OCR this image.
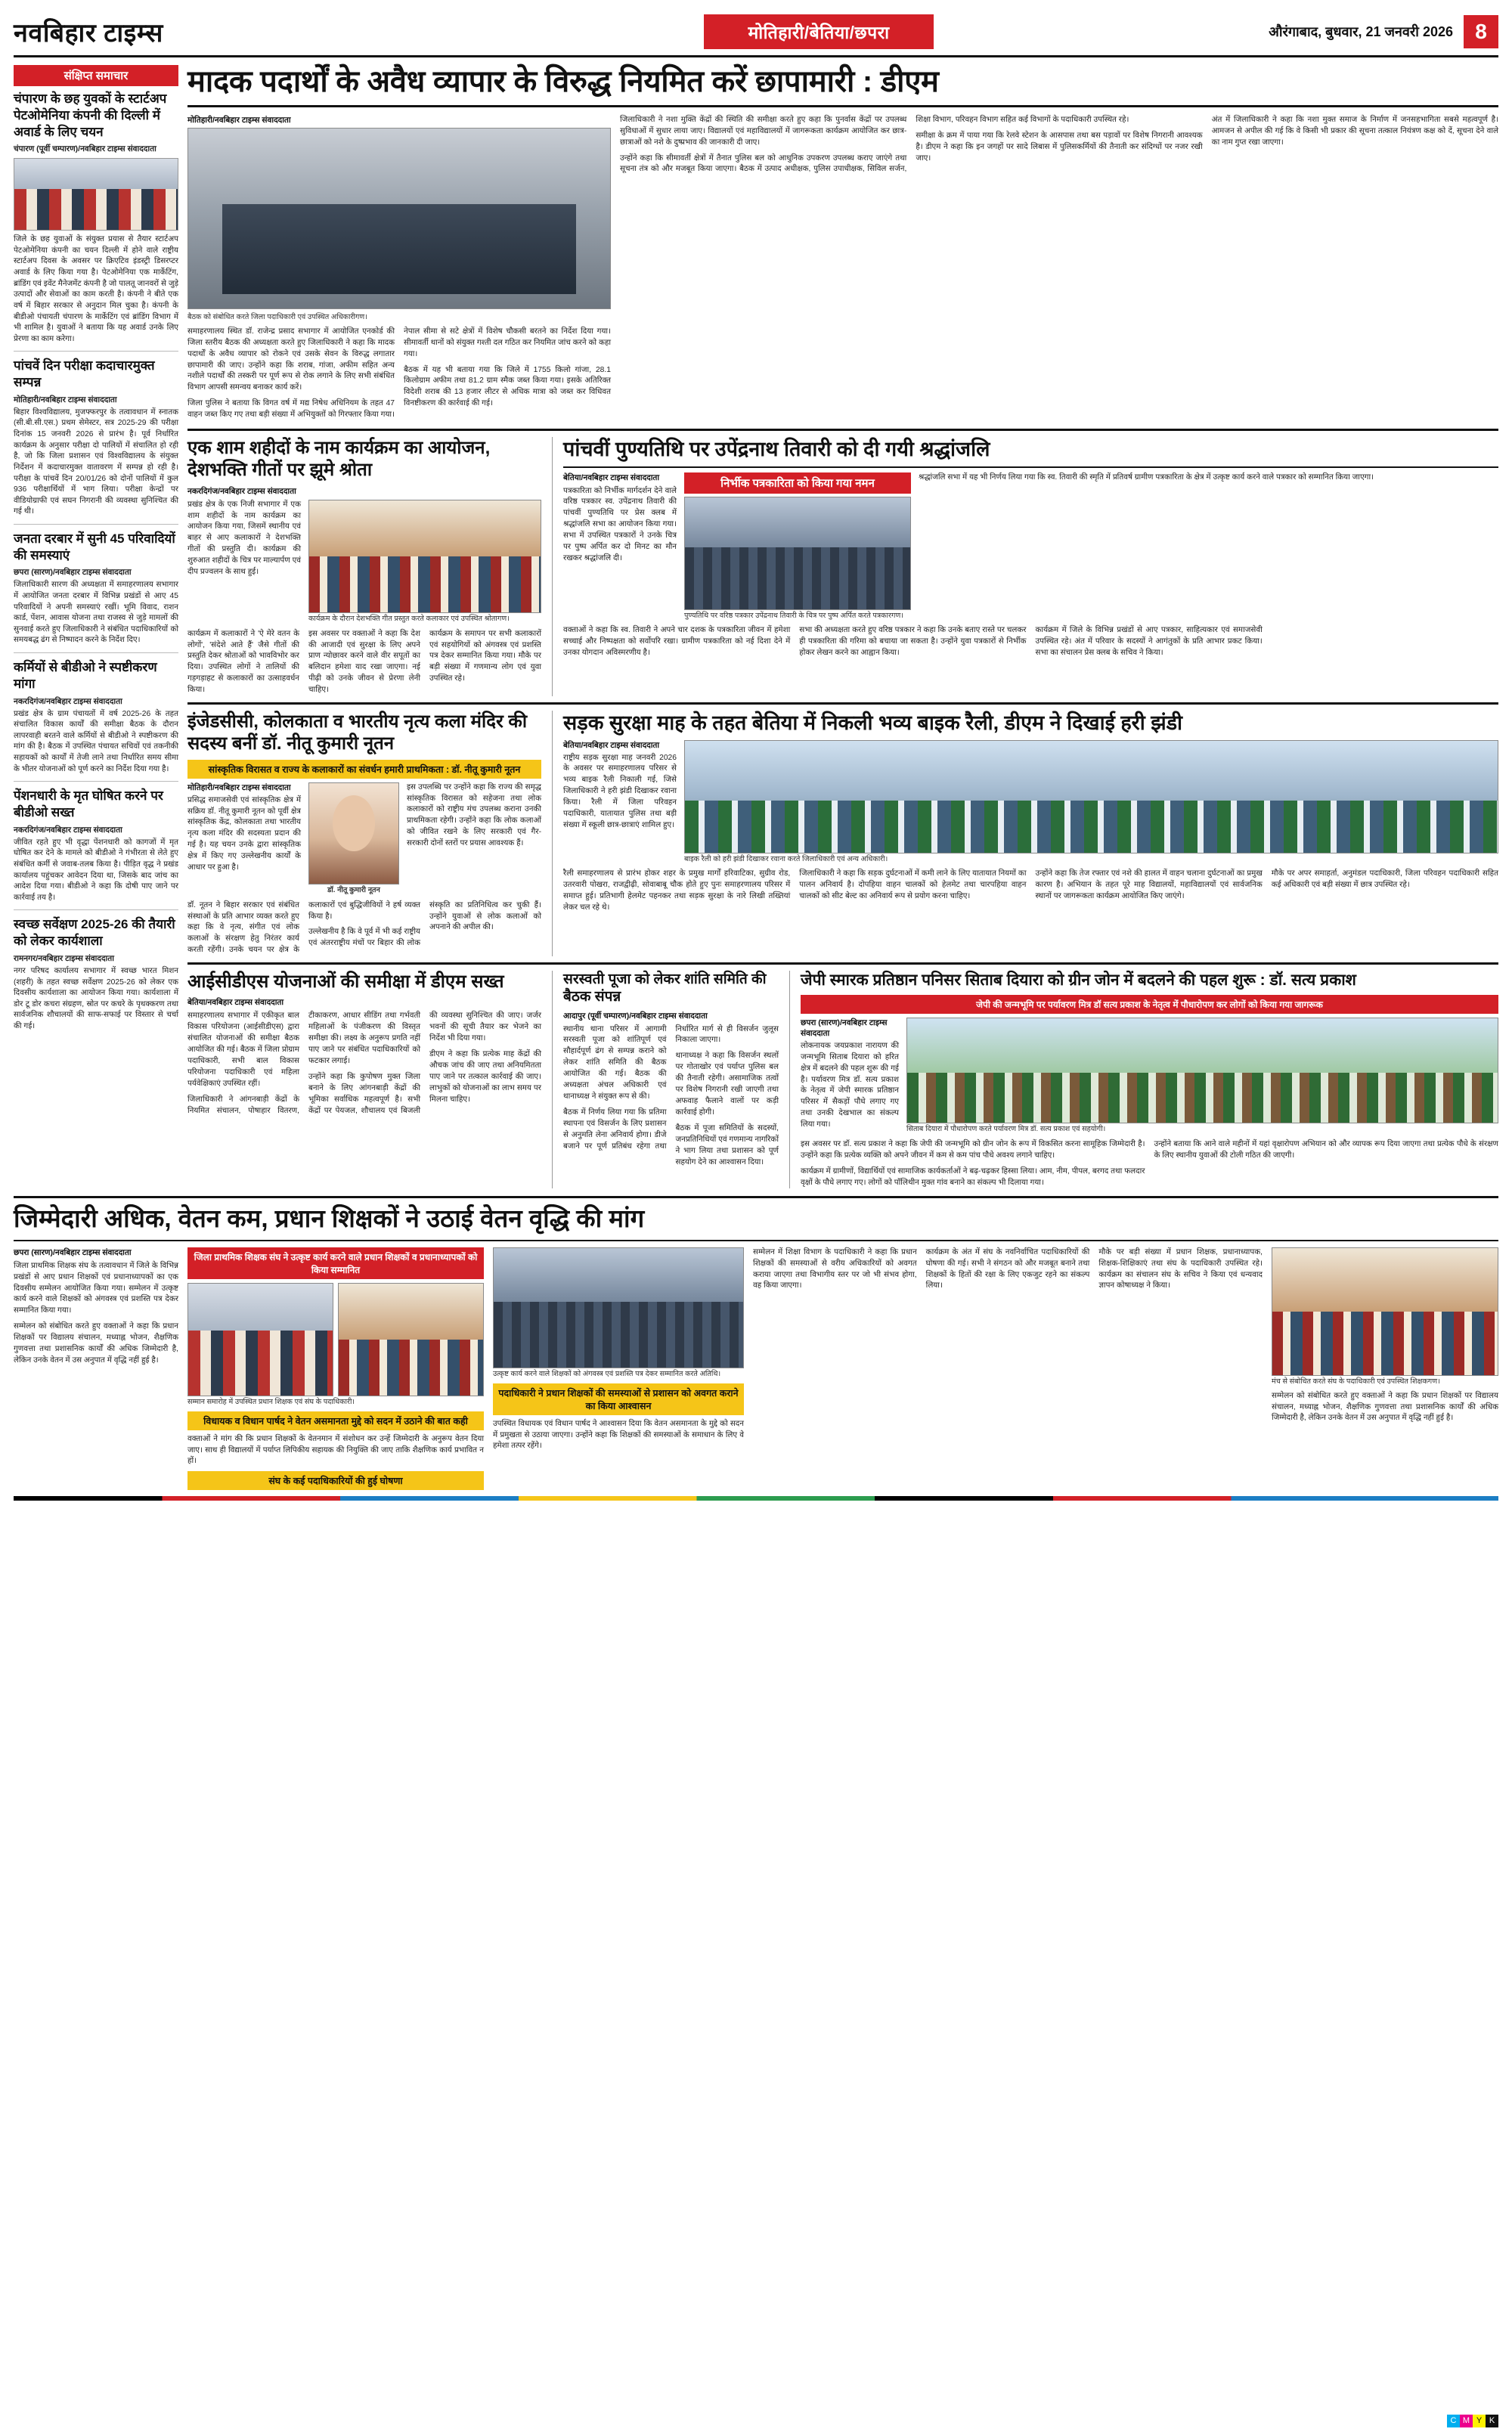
नवबिहार टाइम्स	मोतिहारी/बेतिया/छपरा	औरंगाबाद, बुधवार, 21 जनवरी 2026	8
संक्षिप्त समाचार
चंपारण के छह युवकों के स्टार्टअप पेटओमेनिया कंपनी की दिल्ली में अवार्ड के लिए चयन
चंपारण (पूर्वी चम्पारण)/नवबिहार टाइम्स संवाददाता
जिले के छह युवाओं के संयुक्त प्रयास से तैयार स्टार्टअप पेटओमेनिया कंपनी का चयन दिल्ली में होने वाले राष्ट्रीय स्टार्टअप दिवस के अवसर पर क्रिएटिव इंडस्ट्री डिसरप्टर अवार्ड के लिए किया गया है। पेटओमेनिया एक मार्केटिंग, ब्रांडिंग एवं इवेंट मैनेजमेंट कंपनी है जो पालतू जानवरों से जुड़े उत्पादों और सेवाओं का काम करती है। कंपनी ने बीते एक वर्ष में बिहार सरकार से अनुदान मिल चुका है। कंपनी के बीडीओ पंचायती चंपारण के मार्केटिंग एवं ब्रांडिंग विभाग में भी शामिल है। युवाओं ने बताया कि यह अवार्ड उनके लिए प्रेरणा का काम करेगा।
पांचवें दिन परीक्षा कदाचारमुक्त सम्पन्न
मोतिहारी/नवबिहार टाइम्स संवाददाता
बिहार विश्वविद्यालय, मुजफ्फरपुर के तत्वावधान में स्नातक (सी.बी.सी.एस.) प्रथम सेमेस्टर, सत्र 2025-29 की परीक्षा दिनांक 15 जनवरी 2026 से प्रारंभ है। पूर्व निर्धारित कार्यक्रम के अनुसार परीक्षा दो पालियों में संचालित हो रही है, जो कि जिला प्रशासन एवं विश्वविद्यालय के संयुक्त निर्देशन में कदाचारमुक्त वातावरण में सम्पन्न हो रही है। परीक्षा के पांचवें दिन 20/01/26 को दोनों पालियों में कुल 936 परीक्षार्थियों में भाग लिया। परीक्षा केन्द्रों पर वीडियोग्राफी एवं सघन निगरानी की व्यवस्था सुनिश्चित की गई थी।
जनता दरबार में सुनी 45 परिवादियों की समस्याएं
छपरा (सारण)/नवबिहार टाइम्स संवाददाता
जिलाधिकारी सारण की अध्यक्षता में समाहरणालय सभागार में आयोजित जनता दरबार में विभिन्न प्रखंडों से आए 45 परिवादियों ने अपनी समस्याएं रखीं। भूमि विवाद, राशन कार्ड, पेंशन, आवास योजना तथा राजस्व से जुड़े मामलों की सुनवाई करते हुए जिलाधिकारी ने संबंधित पदाधिकारियों को समयबद्ध ढंग से निष्पादन करने के निर्देश दिए।
कर्मियों से बीडीओ ने स्पष्टीकरण मांगा
नकरदिगंज/नवबिहार टाइम्स संवाददाता
प्रखंड क्षेत्र के ग्राम पंचायतों में वर्ष 2025-26 के तहत संचालित विकास कार्यों की समीक्षा बैठक के दौरान लापरवाही बरतने वाले कर्मियों से बीडीओ ने स्पष्टीकरण की मांग की है। बैठक में उपस्थित पंचायत सचिवों एवं तकनीकी सहायकों को कार्यों में तेजी लाने तथा निर्धारित समय सीमा के भीतर योजनाओं को पूर्ण करने का निर्देश दिया गया है।
पेंशनधारी के मृत घोषित करने पर बीडीओ सख्त
नकरदिगंज/नवबिहार टाइम्स संवाददाता
जीवित रहते हुए भी वृद्धा पेंशनधारी को कागजों में मृत घोषित कर देने के मामले को बीडीओ ने गंभीरता से लेते हुए संबंधित कर्मी से जवाब-तलब किया है। पीड़ित वृद्ध ने प्रखंड कार्यालय पहुंचकर आवेदन दिया था, जिसके बाद जांच का आदेश दिया गया। बीडीओ ने कहा कि दोषी पाए जाने पर कार्रवाई तय है।
स्वच्छ सर्वेक्षण 2025-26 की तैयारी को लेकर कार्यशाला
रामनगर/नवबिहार टाइम्स संवाददाता
नगर परिषद कार्यालय सभागार में स्वच्छ भारत मिशन (शहरी) के तहत स्वच्छ सर्वेक्षण 2025-26 को लेकर एक दिवसीय कार्यशाला का आयोजन किया गया। कार्यशाला में डोर टू डोर कचरा संग्रहण, स्रोत पर कचरे के पृथक्करण तथा सार्वजनिक शौचालयों की साफ-सफाई पर विस्तार से चर्चा की गई।
मादक पदार्थों के अवैध व्यापार के विरुद्ध नियमित करें छापामारी : डीएम
मोतिहारी/नवबिहार टाइम्स संवाददाता
बैठक को संबोधित करते जिला पदाधिकारी एवं उपस्थित अधिकारीगण।
समाहरणालय स्थित डॉ. राजेन्द्र प्रसाद सभागार में आयोजित एनकोर्ड की जिला स्तरीय बैठक की अध्यक्षता करते हुए जिलाधिकारी ने कहा कि मादक पदार्थों के अवैध व्यापार को रोकने एवं उसके सेवन के विरुद्ध लगातार छापामारी की जाए। उन्होंने कहा कि शराब, गांजा, अफीम सहित अन्य नशीले पदार्थों की तस्करी पर पूर्ण रूप से रोक लगाने के लिए सभी संबंधित विभाग आपसी समन्वय बनाकर कार्य करें।
जिला पुलिस ने बताया कि विगत वर्ष में मद्य निषेध अधिनियम के तहत 47 वाहन जब्त किए गए तथा बड़ी संख्या में अभियुक्तों को गिरफ्तार किया गया। नेपाल सीमा से सटे क्षेत्रों में विशेष चौकसी बरतने का निर्देश दिया गया। सीमावर्ती थानों को संयुक्त गश्ती दल गठित कर नियमित जांच करने को कहा गया।
बैठक में यह भी बताया गया कि जिले में 1755 किलो गांजा, 28.1 किलोग्राम अफीम तथा 81.2 ग्राम स्मैक जब्त किया गया। इसके अतिरिक्त विदेशी शराब की 13 हजार लीटर से अधिक मात्रा को जब्त कर विधिवत विनष्टीकरण की कार्रवाई की गई।
जिलाधिकारी ने नशा मुक्ति केंद्रों की स्थिति की समीक्षा करते हुए कहा कि पुनर्वास केंद्रों पर उपलब्ध सुविधाओं में सुधार लाया जाए। विद्यालयों एवं महाविद्यालयों में जागरूकता कार्यक्रम आयोजित कर छात्र-छात्राओं को नशे के दुष्प्रभाव की जानकारी दी जाए।
उन्होंने कहा कि सीमावर्ती क्षेत्रों में तैनात पुलिस बल को आधुनिक उपकरण उपलब्ध कराए जाएंगे तथा सूचना तंत्र को और मजबूत किया जाएगा। बैठक में उत्पाद अधीक्षक, पुलिस उपाधीक्षक, सिविल सर्जन, शिक्षा विभाग, परिवहन विभाग सहित कई विभागों के पदाधिकारी उपस्थित रहे।
समीक्षा के क्रम में पाया गया कि रेलवे स्टेशन के आसपास तथा बस पड़ावों पर विशेष निगरानी आवश्यक है। डीएम ने कहा कि इन जगहों पर सादे लिबास में पुलिसकर्मियों की तैनाती कर संदिग्धों पर नजर रखी जाए।
अंत में जिलाधिकारी ने कहा कि नशा मुक्त समाज के निर्माण में जनसहभागिता सबसे महत्वपूर्ण है। आमजन से अपील की गई कि वे किसी भी प्रकार की सूचना तत्काल नियंत्रण कक्ष को दें, सूचना देने वाले का नाम गुप्त रखा जाएगा।
एक शाम शहीदों के नाम कार्यक्रम का आयोजन, देशभक्ति गीतों पर झूमे श्रोता
नकरदिगंज/नवबिहार टाइम्स संवाददाता
प्रखंड क्षेत्र के एक निजी सभागार में एक शाम शहीदों के नाम कार्यक्रम का आयोजन किया गया, जिसमें स्थानीय एवं बाहर से आए कलाकारों ने देशभक्ति गीतों की प्रस्तुति दी। कार्यक्रम की शुरुआत शहीदों के चित्र पर माल्यार्पण एवं दीप प्रज्वलन के साथ हुई।
कार्यक्रम के दौरान देशभक्ति गीत प्रस्तुत करते कलाकार एवं उपस्थित श्रोतागण।
कार्यक्रम में कलाकारों ने 'ऐ मेरे वतन के लोगों', 'संदेशे आते हैं' जैसे गीतों की प्रस्तुति देकर श्रोताओं को भावविभोर कर दिया। उपस्थित लोगों ने तालियों की गड़गड़ाहट से कलाकारों का उत्साहवर्धन किया।
इस अवसर पर वक्ताओं ने कहा कि देश की आजादी एवं सुरक्षा के लिए अपने प्राण न्योछावर करने वाले वीर सपूतों का बलिदान हमेशा याद रखा जाएगा। नई पीढ़ी को उनके जीवन से प्रेरणा लेनी चाहिए।
कार्यक्रम के समापन पर सभी कलाकारों एवं सहयोगियों को अंगवस्त्र एवं प्रशस्ति पत्र देकर सम्मानित किया गया। मौके पर बड़ी संख्या में गणमान्य लोग एवं युवा उपस्थित रहे।
पांचवीं पुण्यतिथि पर उपेंद्रनाथ तिवारी को दी गयी श्रद्धांजलि
बेतिया/नवबिहार टाइम्स संवाददाता
पत्रकारिता को निर्भीक मार्गदर्शन देने वाले वरिष्ठ पत्रकार स्व. उपेंद्रनाथ तिवारी की पांचवीं पुण्यतिथि पर प्रेस क्लब में श्रद्धांजलि सभा का आयोजन किया गया। सभा में उपस्थित पत्रकारों ने उनके चित्र पर पुष्प अर्पित कर दो मिनट का मौन रखकर श्रद्धांजलि दी।
निर्भीक पत्रकारिता को किया गया नमन
पुण्यतिथि पर वरिष्ठ पत्रकार उपेंद्रनाथ तिवारी के चित्र पर पुष्प अर्पित करते पत्रकारगण।
श्रद्धांजलि सभा में यह भी निर्णय लिया गया कि स्व. तिवारी की स्मृति में प्रतिवर्ष ग्रामीण पत्रकारिता के क्षेत्र में उत्कृष्ट कार्य करने वाले पत्रकार को सम्मानित किया जाएगा।
वक्ताओं ने कहा कि स्व. तिवारी ने अपने चार दशक के पत्रकारिता जीवन में हमेशा सच्चाई और निष्पक्षता को सर्वोपरि रखा। ग्रामीण पत्रकारिता को नई दिशा देने में उनका योगदान अविस्मरणीय है।
सभा की अध्यक्षता करते हुए वरिष्ठ पत्रकार ने कहा कि उनके बताए रास्ते पर चलकर ही पत्रकारिता की गरिमा को बचाया जा सकता है। उन्होंने युवा पत्रकारों से निर्भीक होकर लेखन करने का आह्वान किया।
कार्यक्रम में जिले के विभिन्न प्रखंडों से आए पत्रकार, साहित्यकार एवं समाजसेवी उपस्थित रहे। अंत में परिवार के सदस्यों ने आगंतुकों के प्रति आभार प्रकट किया। सभा का संचालन प्रेस क्लब के सचिव ने किया।
इंजेडसीसी, कोलकाता व भारतीय नृत्य कला मंदिर की सदस्य बनीं डॉ. नीतू कुमारी नूतन
सांस्कृतिक विरासत व राज्य के कलाकारों का संवर्धन हमारी प्राथमिकता : डॉ. नीतू कुमारी नूतन
मोतिहारी/नवबिहार टाइम्स संवाददाता
प्रसिद्ध समाजसेवी एवं सांस्कृतिक क्षेत्र में सक्रिय डॉ. नीतू कुमारी नूतन को पूर्वी क्षेत्र सांस्कृतिक केंद्र, कोलकाता तथा भारतीय नृत्य कला मंदिर की सदस्यता प्रदान की गई है। यह चयन उनके द्वारा सांस्कृतिक क्षेत्र में किए गए उल्लेखनीय कार्यों के आधार पर हुआ है।
डॉ. नीतू कुमारी नूतन
इस उपलब्धि पर उन्होंने कहा कि राज्य की समृद्ध सांस्कृतिक विरासत को सहेजना तथा लोक कलाकारों को राष्ट्रीय मंच उपलब्ध कराना उनकी प्राथमिकता रहेगी। उन्होंने कहा कि लोक कलाओं को जीवित रखने के लिए सरकारी एवं गैर-सरकारी दोनों स्तरों पर प्रयास आवश्यक हैं।
डॉ. नूतन ने बिहार सरकार एवं संबंधित संस्थाओं के प्रति आभार व्यक्त करते हुए कहा कि वे नृत्य, संगीत एवं लोक कलाओं के संरक्षण हेतु निरंतर कार्य करती रहेंगी। उनके चयन पर क्षेत्र के कलाकारों एवं बुद्धिजीवियों ने हर्ष व्यक्त किया है।
उल्लेखनीय है कि वे पूर्व में भी कई राष्ट्रीय एवं अंतरराष्ट्रीय मंचों पर बिहार की लोक संस्कृति का प्रतिनिधित्व कर चुकी हैं। उन्होंने युवाओं से लोक कलाओं को अपनाने की अपील की।
सड़क सुरक्षा माह के तहत बेतिया में निकली भव्य बाइक रैली, डीएम ने दिखाई हरी झंडी
बेतिया/नवबिहार टाइम्स संवाददाता
राष्ट्रीय सड़क सुरक्षा माह जनवरी 2026 के अवसर पर समाहरणालय परिसर से भव्य बाइक रैली निकाली गई, जिसे जिलाधिकारी ने हरी झंडी दिखाकर रवाना किया। रैली में जिला परिवहन पदाधिकारी, यातायात पुलिस तथा बड़ी संख्या में स्कूली छात्र-छात्राएं शामिल हुए।
बाइक रैली को हरी झंडी दिखाकर रवाना करते जिलाधिकारी एवं अन्य अधिकारी।
रैली समाहरणालय से प्रारंभ होकर शहर के प्रमुख मार्गों हरिवाटिका, सुग्रीव रोड, उतरवारी पोखरा, राजद्वीढ़ी, सोवाबाबू चौक होते हुए पुनः समाहरणालय परिसर में समाप्त हुई। प्रतिभागी हेलमेट पहनकर तथा सड़क सुरक्षा के नारे लिखी तख्तियां लेकर चल रहे थे।
जिलाधिकारी ने कहा कि सड़क दुर्घटनाओं में कमी लाने के लिए यातायात नियमों का पालन अनिवार्य है। दोपहिया वाहन चालकों को हेलमेट तथा चारपहिया वाहन चालकों को सीट बेल्ट का अनिवार्य रूप से प्रयोग करना चाहिए।
उन्होंने कहा कि तेज रफ्तार एवं नशे की हालत में वाहन चलाना दुर्घटनाओं का प्रमुख कारण है। अभियान के तहत पूरे माह विद्यालयों, महाविद्यालयों एवं सार्वजनिक स्थानों पर जागरूकता कार्यक्रम आयोजित किए जाएंगे।
मौके पर अपर समाहर्ता, अनुमंडल पदाधिकारी, जिला परिवहन पदाधिकारी सहित कई अधिकारी एवं बड़ी संख्या में छात्र उपस्थित रहे।
आईसीडीएस योजनाओं की समीक्षा में डीएम सख्त
बेतिया/नवबिहार टाइम्स संवाददाता
समाहरणालय सभागार में एकीकृत बाल विकास परियोजना (आईसीडीएस) द्वारा संचालित योजनाओं की समीक्षा बैठक आयोजित की गई। बैठक में जिला प्रोग्राम पदाधिकारी, सभी बाल विकास परियोजना पदाधिकारी एवं महिला पर्यवेक्षिकाएं उपस्थित रहीं।
जिलाधिकारी ने आंगनबाड़ी केंद्रों के नियमित संचालन, पोषाहार वितरण, टीकाकरण, आधार सीडिंग तथा गर्भवती महिलाओं के पंजीकरण की विस्तृत समीक्षा की। लक्ष्य के अनुरूप प्रगति नहीं पाए जाने पर संबंधित पदाधिकारियों को फटकार लगाई।
उन्होंने कहा कि कुपोषण मुक्त जिला बनाने के लिए आंगनबाड़ी केंद्रों की भूमिका सर्वाधिक महत्वपूर्ण है। सभी केंद्रों पर पेयजल, शौचालय एवं बिजली की व्यवस्था सुनिश्चित की जाए। जर्जर भवनों की सूची तैयार कर भेजने का निर्देश भी दिया गया।
डीएम ने कहा कि प्रत्येक माह केंद्रों की औचक जांच की जाए तथा अनियमितता पाए जाने पर तत्काल कार्रवाई की जाए। लाभुकों को योजनाओं का लाभ समय पर मिलना चाहिए।
सरस्वती पूजा को लेकर शांति समिति की बैठक संपन्न
आदापुर (पूर्वी चम्पारण)/नवबिहार टाइम्स संवाददाता
स्थानीय थाना परिसर में आगामी सरस्वती पूजा को शांतिपूर्ण एवं सौहार्दपूर्ण ढंग से सम्पन्न कराने को लेकर शांति समिति की बैठक आयोजित की गई। बैठक की अध्यक्षता अंचल अधिकारी एवं थानाध्यक्ष ने संयुक्त रूप से की।
बैठक में निर्णय लिया गया कि प्रतिमा स्थापना एवं विसर्जन के लिए प्रशासन से अनुमति लेना अनिवार्य होगा। डीजे बजाने पर पूर्ण प्रतिबंध रहेगा तथा निर्धारित मार्ग से ही विसर्जन जुलूस निकाला जाएगा।
थानाध्यक्ष ने कहा कि विसर्जन स्थलों पर गोताखोर एवं पर्याप्त पुलिस बल की तैनाती रहेगी। असामाजिक तत्वों पर विशेष निगरानी रखी जाएगी तथा अफवाह फैलाने वालों पर कड़ी कार्रवाई होगी।
बैठक में पूजा समितियों के सदस्यों, जनप्रतिनिधियों एवं गणमान्य नागरिकों ने भाग लिया तथा प्रशासन को पूर्ण सहयोग देने का आश्वासन दिया।
जेपी स्मारक प्रतिष्ठान पनिसर सिताब दियारा को ग्रीन जोन में बदलने की पहल शुरू : डॉ. सत्य प्रकाश
जेपी की जन्मभूमि पर पर्यावरण मित्र डॉ सत्य प्रकाश के नेतृत्व में पौधारोपण कर लोगों को किया गया जागरूक
छपरा (सारण)/नवबिहार टाइम्स संवाददाता
लोकनायक जयप्रकाश नारायण की जन्मभूमि सिताब दियारा को हरित क्षेत्र में बदलने की पहल शुरू की गई है। पर्यावरण मित्र डॉ. सत्य प्रकाश के नेतृत्व में जेपी स्मारक प्रतिष्ठान परिसर में सैकड़ों पौधे लगाए गए तथा उनकी देखभाल का संकल्प लिया गया।
सिताब दियारा में पौधारोपण करते पर्यावरण मित्र डॉ. सत्य प्रकाश एवं सहयोगी।
इस अवसर पर डॉ. सत्य प्रकाश ने कहा कि जेपी की जन्मभूमि को ग्रीन जोन के रूप में विकसित करना सामूहिक जिम्मेदारी है। उन्होंने कहा कि प्रत्येक व्यक्ति को अपने जीवन में कम से कम पांच पौधे अवश्य लगाने चाहिए।
कार्यक्रम में ग्रामीणों, विद्यार्थियों एवं सामाजिक कार्यकर्ताओं ने बढ़-चढ़कर हिस्सा लिया। आम, नीम, पीपल, बरगद तथा फलदार वृक्षों के पौधे लगाए गए। लोगों को पॉलिथीन मुक्त गांव बनाने का संकल्प भी दिलाया गया।
उन्होंने बताया कि आने वाले महीनों में यहां वृक्षारोपण अभियान को और व्यापक रूप दिया जाएगा तथा प्रत्येक पौधे के संरक्षण के लिए स्थानीय युवाओं की टोली गठित की जाएगी।
जिम्मेदारी अधिक, वेतन कम, प्रधान शिक्षकों ने उठाई वेतन वृद्धि की मांग
छपरा (सारण)/नवबिहार टाइम्स संवाददाता
जिला प्राथमिक शिक्षक संघ के तत्वावधान में जिले के विभिन्न प्रखंडों से आए प्रधान शिक्षकों एवं प्रधानाध्यापकों का एक दिवसीय सम्मेलन आयोजित किया गया। सम्मेलन में उत्कृष्ट कार्य करने वाले शिक्षकों को अंगवस्त्र एवं प्रशस्ति पत्र देकर सम्मानित किया गया।
सम्मेलन को संबोधित करते हुए वक्ताओं ने कहा कि प्रधान शिक्षकों पर विद्यालय संचालन, मध्याह्न भोजन, शैक्षणिक गुणवत्ता तथा प्रशासनिक कार्यों की अधिक जिम्मेदारी है, लेकिन उनके वेतन में उस अनुपात में वृद्धि नहीं हुई है।
जिला प्राथमिक शिक्षक संघ ने उत्कृष्ट कार्य करने वाले प्रधान शिक्षकों व प्रधानाध्यापकों को किया सम्मानित
सम्मान समारोह में उपस्थित प्रधान शिक्षक एवं संघ के पदाधिकारी।
विधायक व विधान पार्षद ने वेतन असमानता मुद्दे को सदन में उठाने की बात कही
वक्ताओं ने मांग की कि प्रधान शिक्षकों के वेतनमान में संशोधन कर उन्हें जिम्मेदारी के अनुरूप वेतन दिया जाए। साथ ही विद्यालयों में पर्याप्त लिपिकीय सहायक की नियुक्ति की जाए ताकि शैक्षणिक कार्य प्रभावित न हों।
संघ के कई पदाधिकारियों की हुई घोषणा
उत्कृष्ट कार्य करने वाले शिक्षकों को अंगवस्त्र एवं प्रशस्ति पत्र देकर सम्मानित करते अतिथि।
पदाधिकारी ने प्रधान शिक्षकों की समस्याओं से प्रशासन को अवगत कराने का किया आश्वासन
उपस्थित विधायक एवं विधान पार्षद ने आश्वासन दिया कि वेतन असमानता के मुद्दे को सदन में प्रमुखता से उठाया जाएगा। उन्होंने कहा कि शिक्षकों की समस्याओं के समाधान के लिए वे हमेशा तत्पर रहेंगे।
सम्मेलन में शिक्षा विभाग के पदाधिकारी ने कहा कि प्रधान शिक्षकों की समस्याओं से वरीय अधिकारियों को अवगत कराया जाएगा तथा विभागीय स्तर पर जो भी संभव होगा, वह किया जाएगा।
कार्यक्रम के अंत में संघ के नवनिर्वाचित पदाधिकारियों की घोषणा की गई। सभी ने संगठन को और मजबूत बनाने तथा शिक्षकों के हितों की रक्षा के लिए एकजुट रहने का संकल्प लिया।
मौके पर बड़ी संख्या में प्रधान शिक्षक, प्रधानाध्यापक, शिक्षक-शिक्षिकाएं तथा संघ के पदाधिकारी उपस्थित रहे। कार्यक्रम का संचालन संघ के सचिव ने किया एवं धन्यवाद ज्ञापन कोषाध्यक्ष ने किया।
मंच से संबोधित करते संघ के पदाधिकारी एवं उपस्थित शिक्षकगण।
सम्मेलन को संबोधित करते हुए वक्ताओं ने कहा कि प्रधान शिक्षकों पर विद्यालय संचालन, मध्याह्न भोजन, शैक्षणिक गुणवत्ता तथा प्रशासनिक कार्यों की अधिक जिम्मेदारी है, लेकिन उनके वेतन में उस अनुपात में वृद्धि नहीं हुई है।
C M Y K
